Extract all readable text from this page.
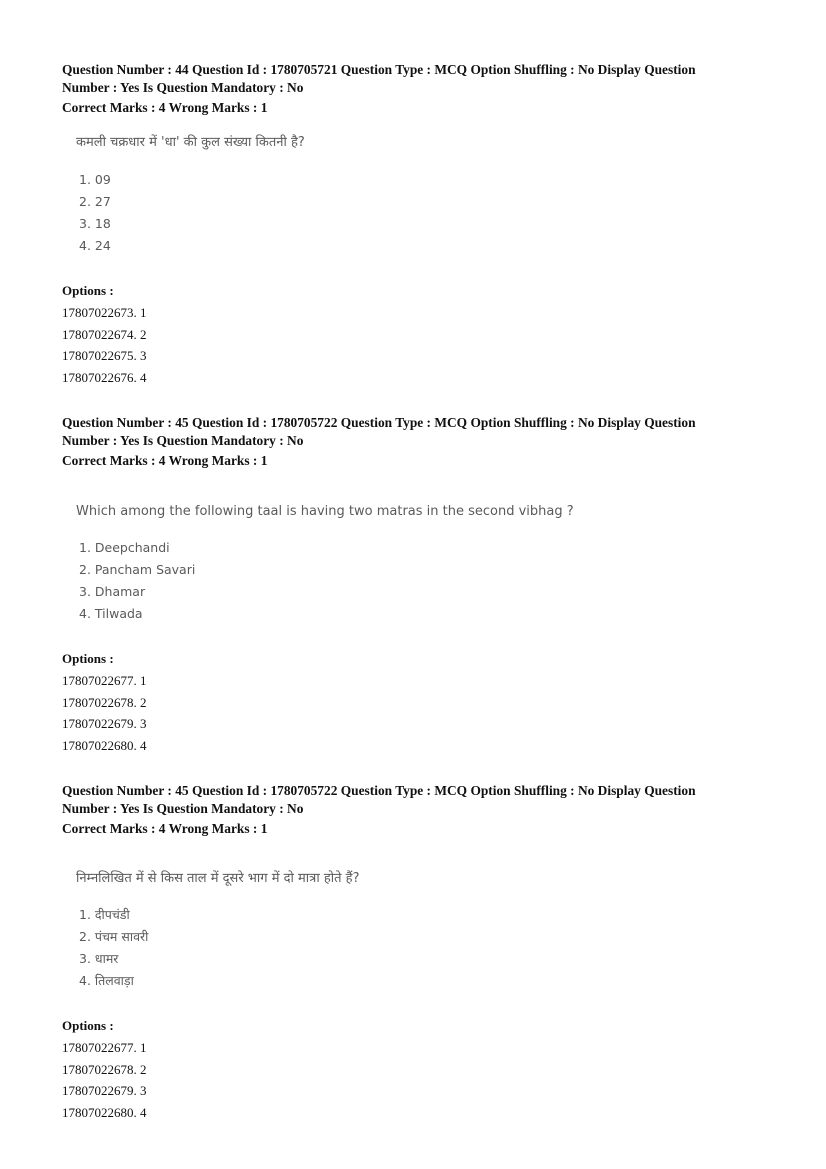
Question Number : 44 Question Id : 1780705721 Question Type : MCQ Option Shuffling : No Display Question
Number : Yes Is Question Mandatory : No
Correct Marks : 4 Wrong Marks : 1
कमली चक्रधार में 'धा' की कुल संख्या कितनी है?
1. 09
2. 27
3. 18
4. 24
Options :
17807022673. 1
17807022674. 2
17807022675. 3
17807022676. 4
Question Number : 45 Question Id : 1780705722 Question Type : MCQ Option Shuffling : No Display Question
Number : Yes Is Question Mandatory : No
Correct Marks : 4 Wrong Marks : 1
Which among the following taal is having two matras in the second vibhag ?
1. Deepchandi
2. Pancham Savari
3. Dhamar
4. Tilwada
Options :
17807022677. 1
17807022678. 2
17807022679. 3
17807022680. 4
Question Number : 45 Question Id : 1780705722 Question Type : MCQ Option Shuffling : No Display Question
Number : Yes Is Question Mandatory : No
Correct Marks : 4 Wrong Marks : 1
निम्नलिखित में से किस ताल में दूसरे भाग में दो मात्रा होते हैं?
1. दीपचंडी
2. पंचम सावरी
3. धामर
4. तिलवाड़ा
Options :
17807022677. 1
17807022678. 2
17807022679. 3
17807022680. 4
